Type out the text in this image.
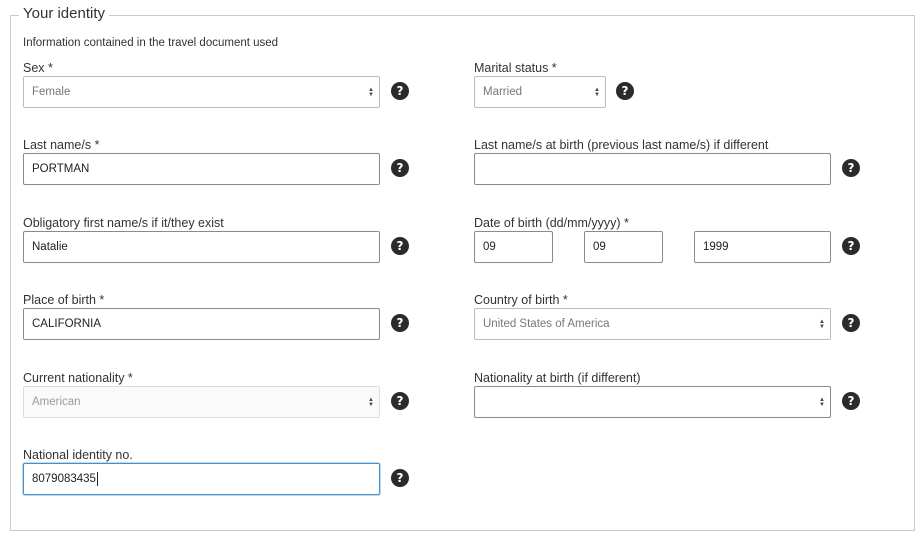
Your identity
Information contained in the travel document used
Sex *
Female	▲
▼	?
Marital status *
Married	▲
▼	?
Last name/s *
PORTMAN	?
Last name/s at birth (previous last name/s) if different
?
Obligatory first name/s if it/they exist
Natalie	?
Date of birth (dd/mm/yyyy) *
09	09	1999	?
Place of birth *
CALIFORNIA	?
Country of birth *
United States of America	▲
▼	?
Current nationality *
American	▲
▼	?
Nationality at birth (if different)
▲
▼	?
National identity no.
8079083435	?
